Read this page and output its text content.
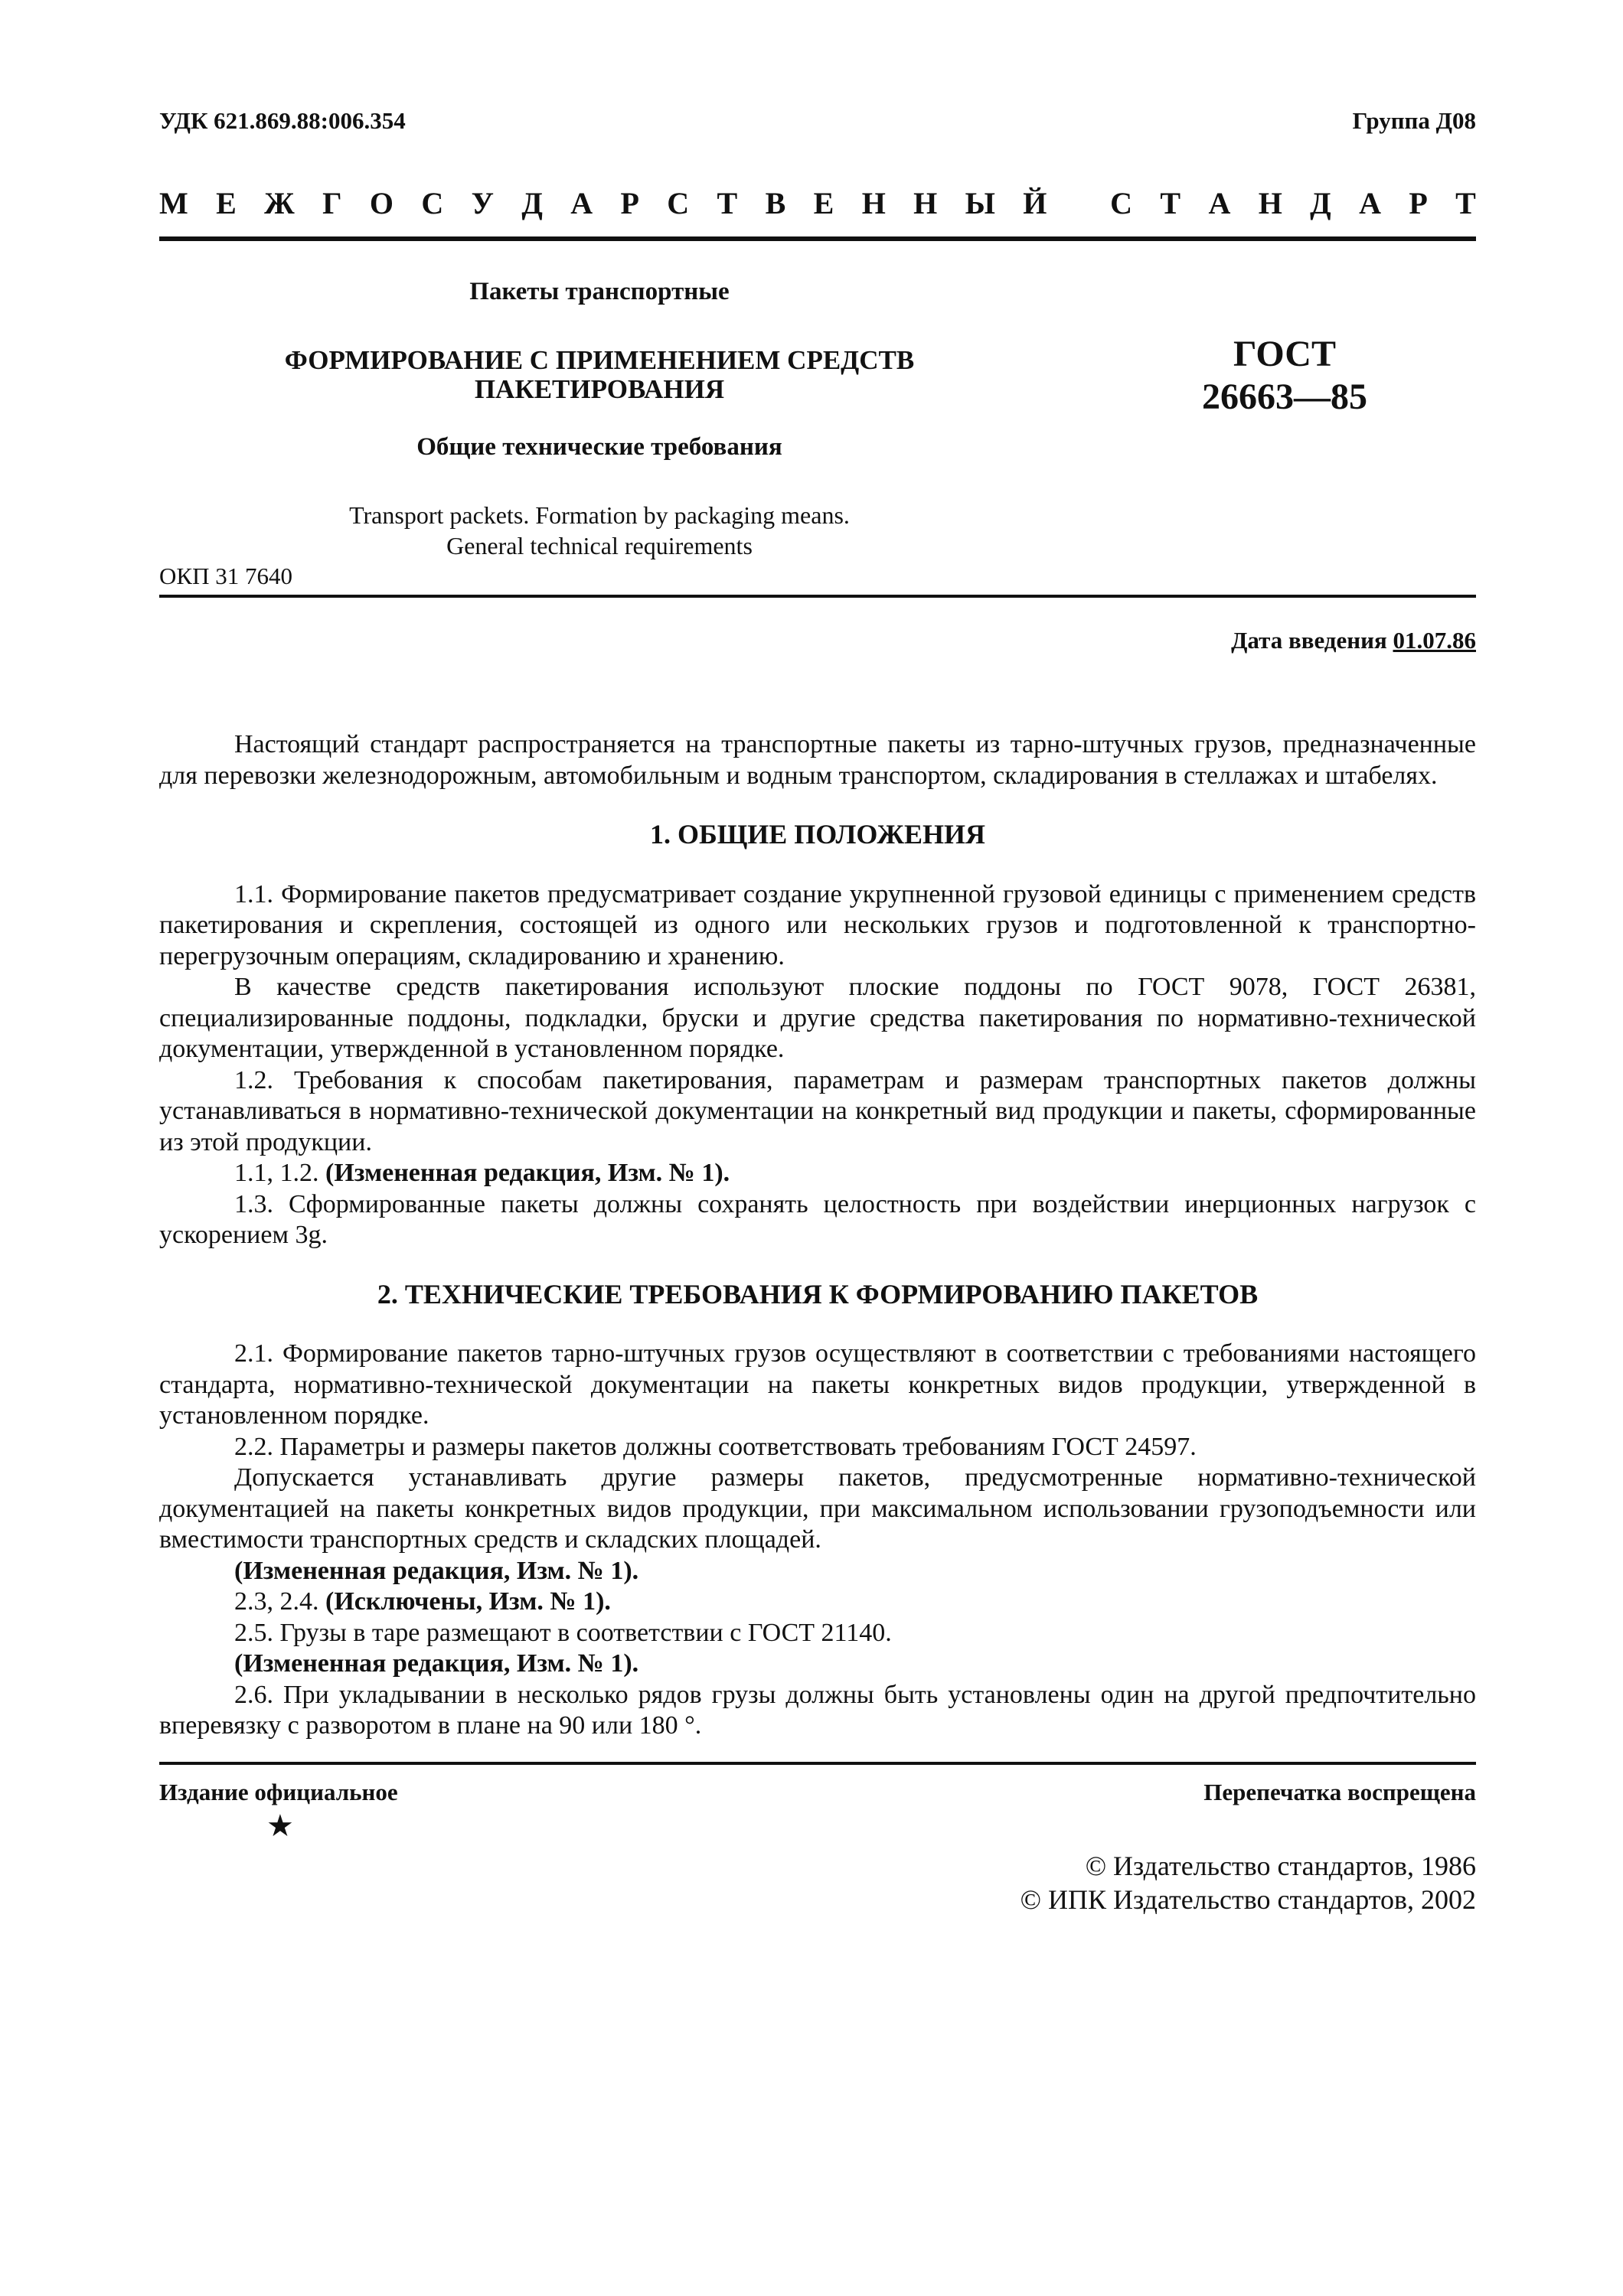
УДК 621.869.88:006.354	Группа Д08
М Е Ж Г О С У Д А Р С Т В Е Н Н Ы Й
С Т А Н Д А Р Т
Пакеты транспортные
ФОРМИРОВАНИЕ С ПРИМЕНЕНИЕМ СРЕДСТВ
ПАКЕТИРОВАНИЯ
Общие технические требования
Transport packets. Formation by packaging means.
General technical requirements
ГОСТ
26663—85
ОКП 31 7640
Дата введения 01.07.86

Настоящий стандарт распространяется на транспортные пакеты из тарно-штучных грузов, предназначенные для перевозки железнодорожным, автомобильным и водным транспортом, складирования в стеллажах и штабелях.

1. ОБЩИЕ ПОЛОЖЕНИЯ

1.1. Формирование пакетов предусматривает создание укрупненной грузовой единицы с применением средств пакетирования и скрепления, состоящей из одного или нескольких грузов и подготовленной к транспортно-перегрузочным операциям, складированию и хранению.

В качестве средств пакетирования используют плоские поддоны по ГОСТ 9078, ГОСТ 26381, специализированные поддоны, подкладки, бруски и другие средства пакетирования по нормативно-технической документации, утвержденной в установленном порядке.

1.2. Требования к способам пакетирования, параметрам и размерам транспортных пакетов должны устанавливаться в нормативно-технической документации на конкретный вид продукции и пакеты, сформированные из этой продукции.

1.1, 1.2. (Измененная редакция, Изм. № 1).

1.3. Сформированные пакеты должны сохранять целостность при воздействии инерционных нагрузок с ускорением 3g.

2. ТЕХНИЧЕСКИЕ ТРЕБОВАНИЯ К ФОРМИРОВАНИЮ ПАКЕТОВ

2.1. Формирование пакетов тарно-штучных грузов осуществляют в соответствии с требованиями настоящего стандарта, нормативно-технической документации на пакеты конкретных видов продукции, утвержденной в установленном порядке.

2.2. Параметры и размеры пакетов должны соответствовать требованиям ГОСТ 24597.

Допускается устанавливать другие размеры пакетов, предусмотренные нормативно-технической документацией на пакеты конкретных видов продукции, при максимальном использовании грузоподъемности или вместимости транспортных средств и складских площадей.

(Измененная редакция, Изм. № 1).

2.3, 2.4. (Исключены, Изм. № 1).

2.5. Грузы в таре размещают в соответствии с ГОСТ 21140.

(Измененная редакция, Изм. № 1).

2.6. При укладывании в несколько рядов грузы должны быть установлены один на другой предпочтительно вперевязку с разворотом в плане на 90 или 180 °.

Издание официальное	Перепечатка воспрещена
★
© Издательство стандартов, 1986
© ИПК Издательство стандартов, 2002
